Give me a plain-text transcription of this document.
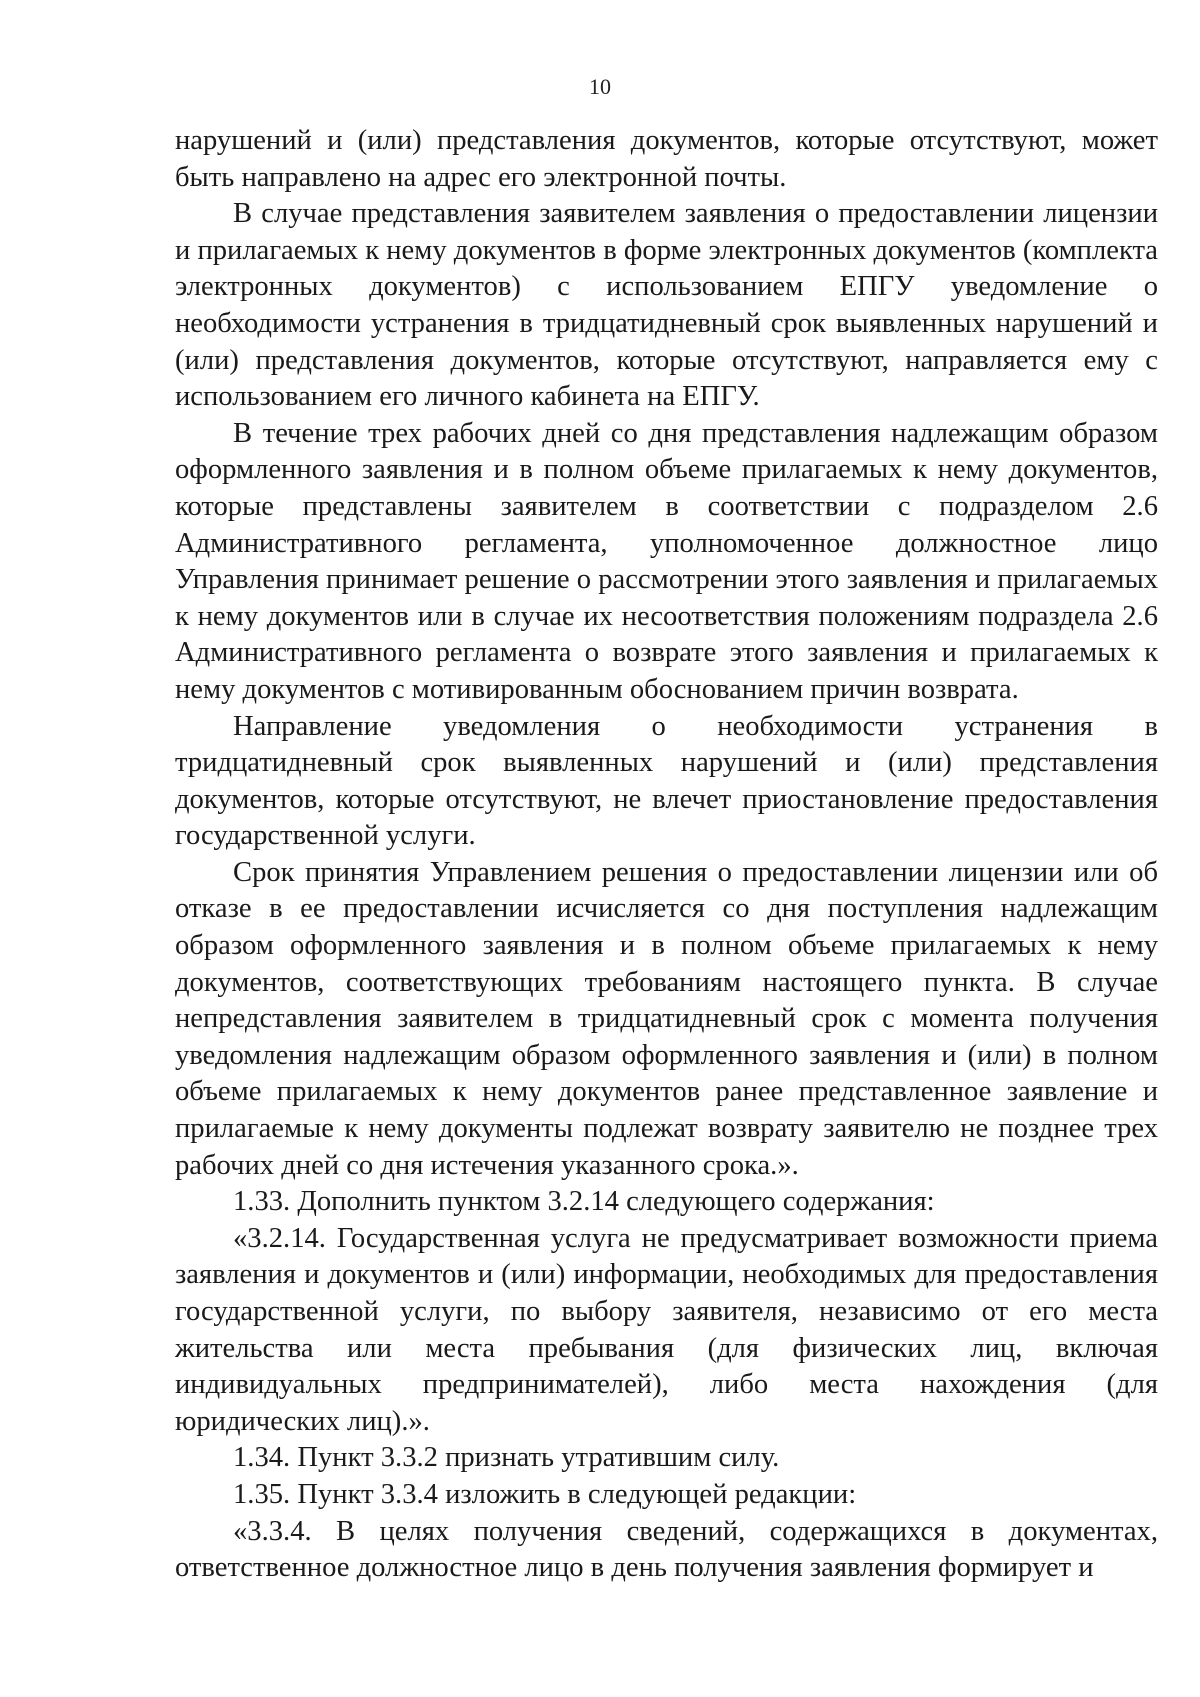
10

нарушений и (или) представления документов, которые отсутствуют, может быть направлено на адрес его электронной почты.

В случае представления заявителем заявления о предоставлении лицензии и прилагаемых к нему документов в форме электронных документов (комплекта электронных документов) с использованием ЕПГУ уведомление о необходимости устранения в тридцатидневный срок выявленных нарушений и (или) представления документов, которые отсутствуют, направляется ему с использованием его личного кабинета на ЕПГУ.

В течение трех рабочих дней со дня представления надлежащим образом оформленного заявления и в полном объеме прилагаемых к нему документов, которые представлены заявителем в соответствии с подразделом 2.6 Административного регламента, уполномоченное должностное лицо Управления принимает решение о рассмотрении этого заявления и прилагаемых к нему документов или в случае их несоответствия положениям подраздела 2.6 Административного регламента о возврате этого заявления и прилагаемых к нему документов с мотивированным обоснованием причин возврата.

Направление уведомления о необходимости устранения в тридцатидневный срок выявленных нарушений и (или) представления документов, которые отсутствуют, не влечет приостановление предоставления государственной услуги.

Срок принятия Управлением решения о предоставлении лицензии или об отказе в ее предоставлении исчисляется со дня поступления надлежащим образом оформленного заявления и в полном объеме прилагаемых к нему документов, соответствующих требованиям настоящего пункта. В случае непредставления заявителем в тридцатидневный срок с момента получения уведомления надлежащим образом оформленного заявления и (или) в полном объеме прилагаемых к нему документов ранее представленное заявление и прилагаемые к нему документы подлежат возврату заявителю не позднее трех рабочих дней со дня истечения указанного срока.».

1.33. Дополнить пунктом 3.2.14 следующего содержания:

«3.2.14. Государственная услуга не предусматривает возможности приема заявления и документов и (или) информации, необходимых для предоставления государственной услуги, по выбору заявителя, независимо от его места жительства или места пребывания (для физических лиц, включая индивидуальных предпринимателей), либо места нахождения (для юридических лиц).».

1.34. Пункт 3.3.2 признать утратившим силу.

1.35. Пункт 3.3.4 изложить в следующей редакции:

«3.3.4. В целях получения сведений, содержащихся в документах, ответственное должностное лицо в день получения заявления формирует и
